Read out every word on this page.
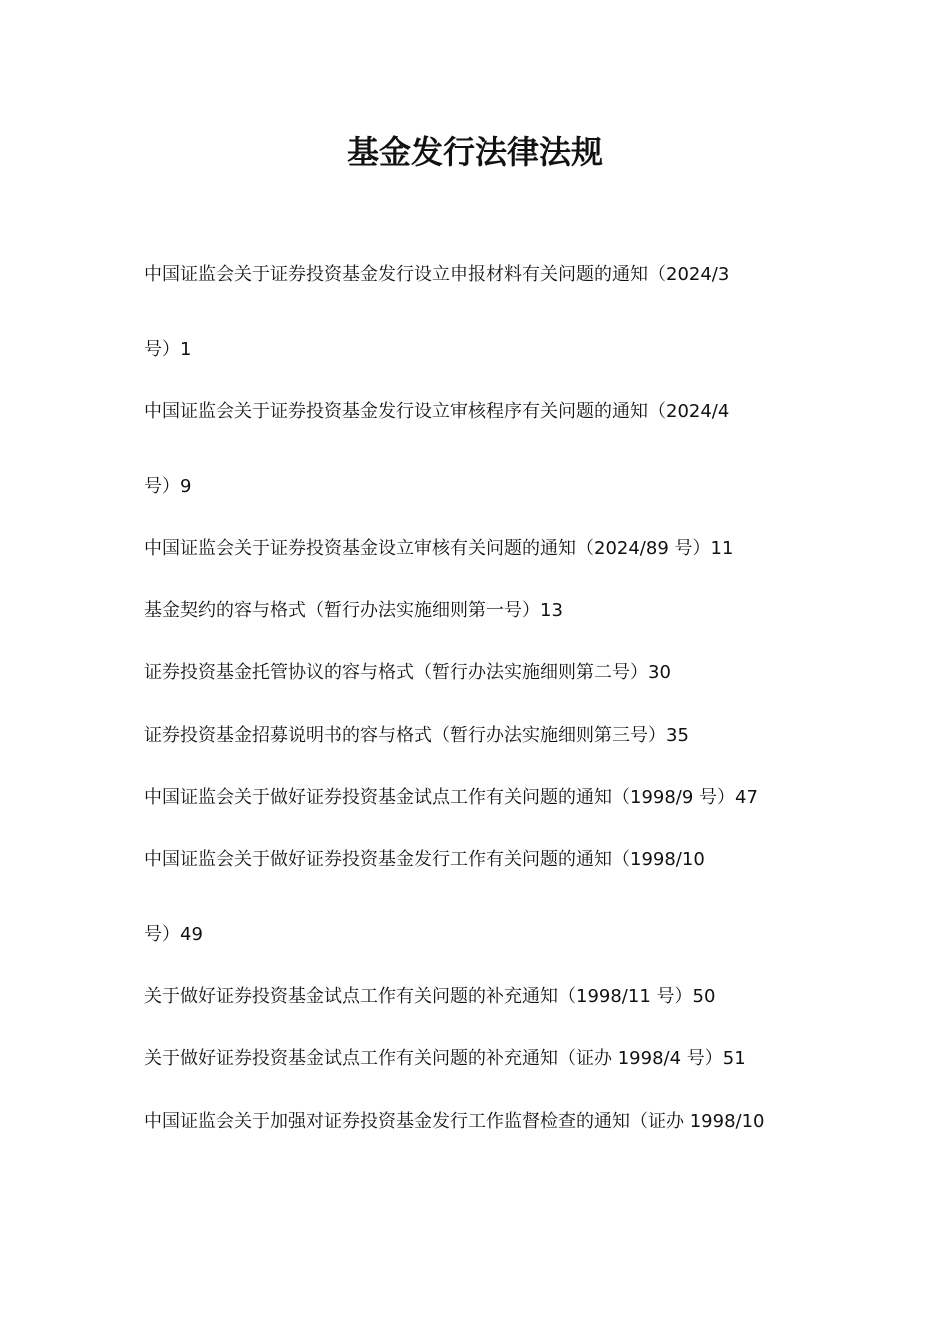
基金发行法律法规

中国证监会关于证券投资基金发行设立申报材料有关问题的通知（2024/3

号）1

中国证监会关于证券投资基金发行设立审核程序有关问题的通知（2024/4

号）9

中国证监会关于证券投资基金设立审核有关问题的通知（2024/89 号）11

基金契约的容与格式（暂行办法实施细则第一号）13

证券投资基金托管协议的容与格式（暂行办法实施细则第二号）30

证券投资基金招募说明书的容与格式（暂行办法实施细则第三号）35

中国证监会关于做好证券投资基金试点工作有关问题的通知（1998/9 号）47

中国证监会关于做好证券投资基金发行工作有关问题的通知（1998/10

号）49

关于做好证券投资基金试点工作有关问题的补充通知（1998/11 号）50

关于做好证券投资基金试点工作有关问题的补充通知（证办 1998/4 号）51

中国证监会关于加强对证券投资基金发行工作监督检查的通知（证办 1998/10
